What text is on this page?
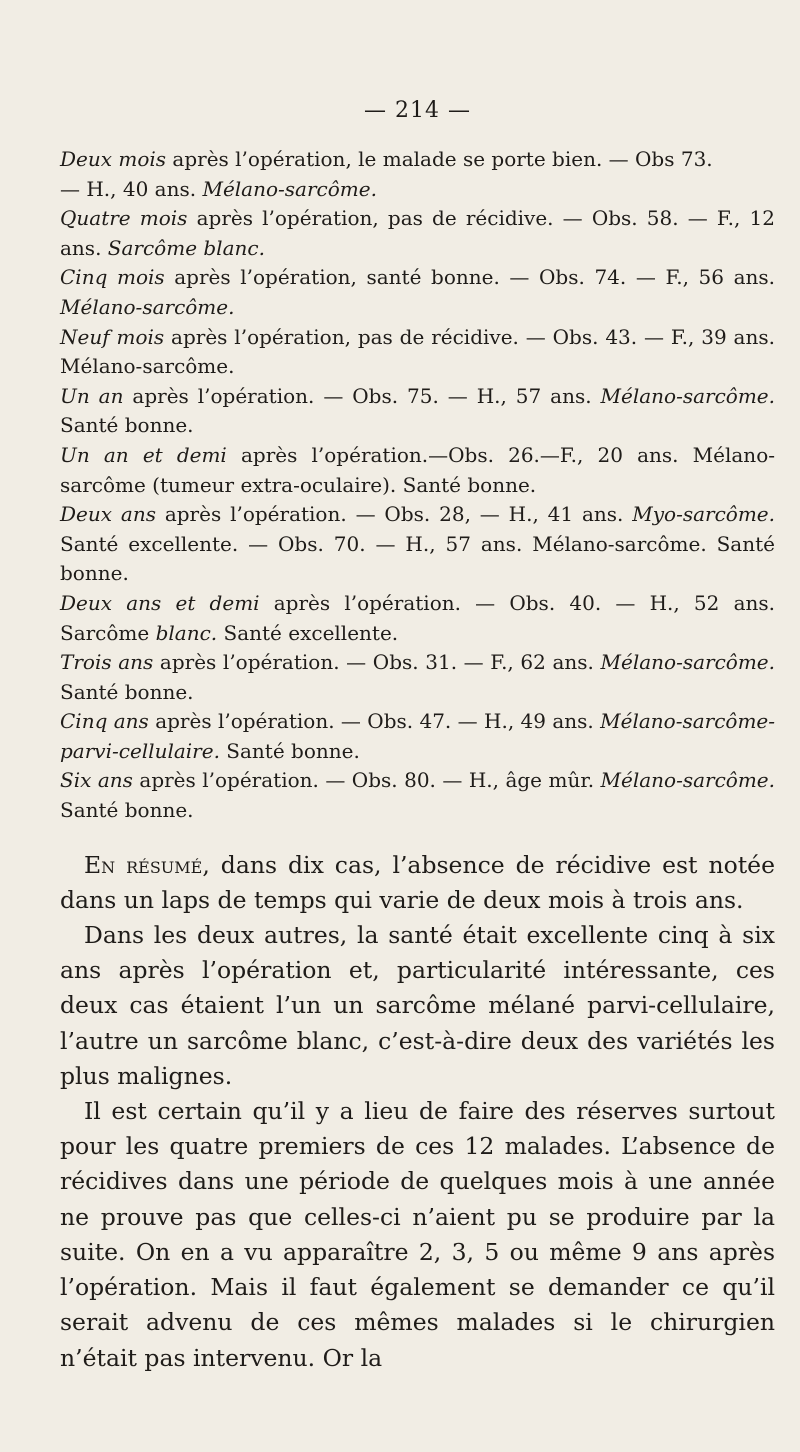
— 214 —

Deux mois après l’opération, le malade se porte bien. — Obs 73.

— H., 40 ans. Mélano-sarcôme.

Quatre mois après l’opération, pas de récidive. — Obs. 58. — F., 12 ans. Sarcôme blanc.

Cinq mois après l’opération, santé bonne. — Obs. 74. — F., 56 ans. Mélano-sarcôme.

Neuf mois après l’opération, pas de récidive. — Obs. 43. — F., 39 ans. Mélano-sarcôme.

Un an après l’opération. — Obs. 75. — H., 57 ans. Mélano-sarcôme. Santé bonne.

Un an et demi après l’opération.—Obs. 26.—F., 20 ans. Mélano-sarcôme (tumeur extra-oculaire). Santé bonne.

Deux ans après l’opération. — Obs. 28, — H., 41 ans. Myo-sarcôme. Santé excellente. — Obs. 70. — H., 57 ans. Mélano-sarcôme. Santé bonne.

Deux ans et demi après l’opération. — Obs. 40. — H., 52 ans. Sarcôme blanc. Santé excellente.

Trois ans après l’opération. — Obs. 31. — F., 62 ans. Mélano-sarcôme. Santé bonne.

Cinq ans après l’opération. — Obs. 47. — H., 49 ans. Mélano-sarcôme-parvi-cellulaire. Santé bonne.

Six ans après l’opération. — Obs. 80. — H., âge mûr. Mélano-sarcôme. Santé bonne.

En résumé, dans dix cas, l’absence de récidive est notée dans un laps de temps qui varie de deux mois à trois ans.

Dans les deux autres, la santé était excellente cinq à six ans après l’opération et, particularité intéressante, ces deux cas étaient l’un un sarcôme mélané parvi-cellulaire, l’autre un sarcôme blanc, c’est-à-dire deux des variétés les plus malignes.

Il est certain qu’il y a lieu de faire des réserves surtout pour les quatre premiers de ces 12 malades. L’absence de récidives dans une période de quelques mois à une année ne prouve pas que celles-ci n’aient pu se produire par la suite. On en a vu apparaître 2, 3, 5 ou même 9 ans après l’opération. Mais il faut également se demander ce qu’il serait advenu de ces mêmes malades si le chirurgien n’était pas intervenu. Or la
